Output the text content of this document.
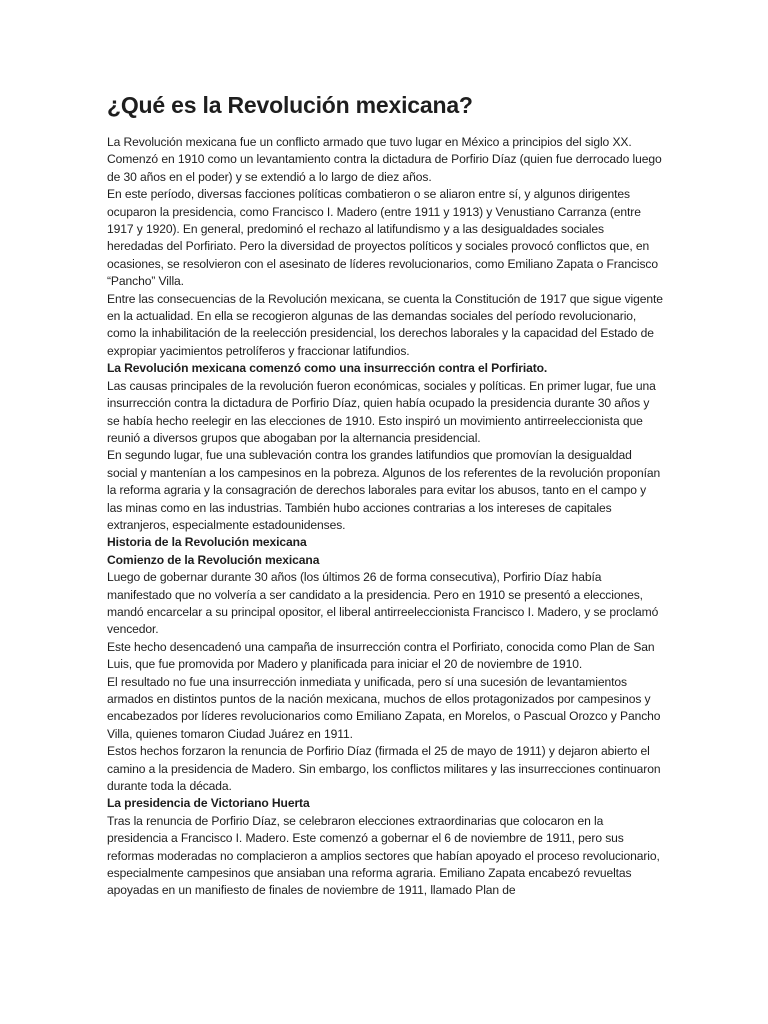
¿Qué es la Revolución mexicana?

La Revolución mexicana fue un conflicto armado que tuvo lugar en México a principios del siglo XX. Comenzó en 1910 como un levantamiento contra la dictadura de Porfirio Díaz (quien fue derrocado luego de 30 años en el poder) y se extendió a lo largo de diez años.

En este período, diversas facciones políticas combatieron o se aliaron entre sí, y algunos dirigentes ocuparon la presidencia, como Francisco I. Madero (entre 1911 y 1913) y Venustiano Carranza (entre 1917 y 1920). En general, predominó el rechazo al latifundismo y a las desigualdades sociales heredadas del Porfiriato. Pero la diversidad de proyectos políticos y sociales provocó conflictos que, en ocasiones, se resolvieron con el asesinato de líderes revolucionarios, como Emiliano Zapata o Francisco “Pancho” Villa.

Entre las consecuencias de la Revolución mexicana, se cuenta la Constitución de 1917 que sigue vigente en la actualidad. En ella se recogieron algunas de las demandas sociales del período revolucionario, como la inhabilitación de la reelección presidencial, los derechos laborales y la capacidad del Estado de expropiar yacimientos petrolíferos y fraccionar latifundios.

La Revolución mexicana comenzó como una insurrección contra el Porfiriato.

Las causas principales de la revolución fueron económicas, sociales y políticas. En primer lugar, fue una insurrección contra la dictadura de Porfirio Díaz, quien había ocupado la presidencia durante 30 años y se había hecho reelegir en las elecciones de 1910. Esto inspiró un movimiento antirreeleccionista que reunió a diversos grupos que abogaban por la alternancia presidencial.

En segundo lugar, fue una sublevación contra los grandes latifundios que promovían la desigualdad social y mantenían a los campesinos en la pobreza. Algunos de los referentes de la revolución proponían la reforma agraria y la consagración de derechos laborales para evitar los abusos, tanto en el campo y las minas como en las industrias. También hubo acciones contrarias a los intereses de capitales extranjeros, especialmente estadounidenses.

Historia de la Revolución mexicana
Comienzo de la Revolución mexicana

Luego de gobernar durante 30 años (los últimos 26 de forma consecutiva), Porfirio Díaz había manifestado que no volvería a ser candidato a la presidencia. Pero en 1910 se presentó a elecciones, mandó encarcelar a su principal opositor, el liberal antirreeleccionista Francisco I. Madero, y se proclamó vencedor.

Este hecho desencadenó una campaña de insurrección contra el Porfiriato, conocida como Plan de San Luis, que fue promovida por Madero y planificada para iniciar el 20 de noviembre de 1910.

El resultado no fue una insurrección inmediata y unificada, pero sí una sucesión de levantamientos armados en distintos puntos de la nación mexicana, muchos de ellos protagonizados por campesinos y encabezados por líderes revolucionarios como Emiliano Zapata, en Morelos, o Pascual Orozco y Pancho Villa, quienes tomaron Ciudad Juárez en 1911.

Estos hechos forzaron la renuncia de Porfirio Díaz (firmada el 25 de mayo de 1911) y dejaron abierto el camino a la presidencia de Madero. Sin embargo, los conflictos militares y las insurrecciones continuaron durante toda la década.

La presidencia de Victoriano Huerta

Tras la renuncia de Porfirio Díaz, se celebraron elecciones extraordinarias que colocaron en la presidencia a Francisco I. Madero. Este comenzó a gobernar el 6 de noviembre de 1911, pero sus reformas moderadas no complacieron a amplios sectores que habían apoyado el proceso revolucionario, especialmente campesinos que ansiaban una reforma agraria. Emiliano Zapata encabezó revueltas apoyadas en un manifiesto de finales de noviembre de 1911, llamado Plan de
